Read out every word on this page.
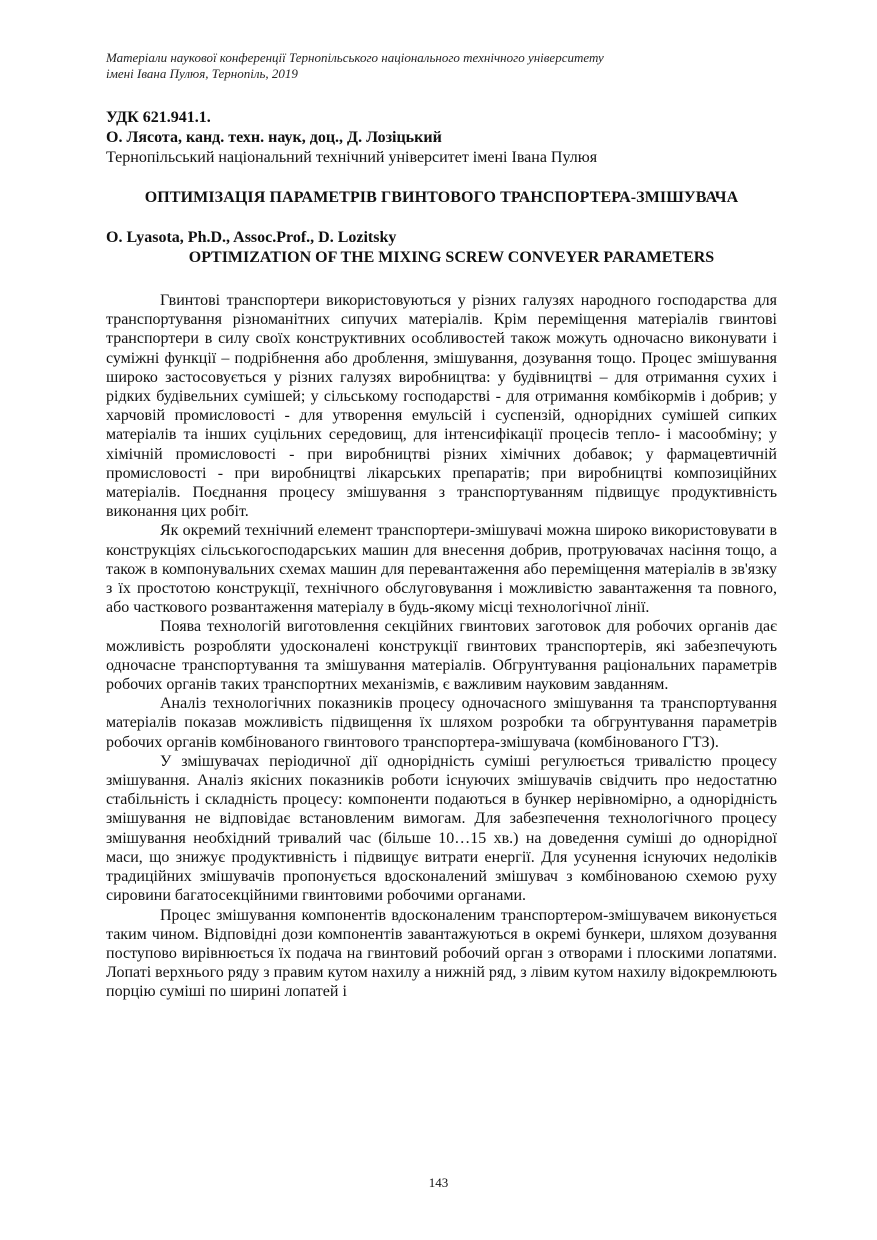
Матеріали наукової конференції Тернопільського національного технічного університету
імені Івана Пулюя, Тернопіль, 2019
УДК 621.941.1.
О. Лясота, канд. техн. наук, доц., Д. Лозіцький
Тернопільський національний технічний університет імені Івана Пулюя
ОПТИМІЗАЦІЯ ПАРАМЕТРІВ ГВИНТОВОГО ТРАНСПОРТЕРА-ЗМІШУВАЧА
O. Lyasota, Ph.D., Assoc.Prof., D. Lozitsky
OPTIMIZATION OF THE MIXING SCREW CONVEYER PARAMETERS

Гвинтові транспортери використовуються у різних галузях народного господарства для транспортування різноманітних сипучих матеріалів. Крім переміщення матеріалів гвинтові транспортери в силу своїх конструктивних особливостей також можуть одночасно виконувати і суміжні функції – подрібнення або дроблення, змішування, дозування тощо. Процес змішування широко застосовується у різних галузях виробництва: у будівництві – для отримання сухих і рідких будівельних сумішей; у сільському господарстві - для отримання комбікормів і добрив; у харчовій промисловості - для утворення емульсій і суспензій, однорідних сумішей сипких матеріалів та інших суцільних середовищ, для інтенсифікації процесів тепло- і масообміну; у хімічній промисловості - при виробництві різних хімічних добавок; у фармацевтичній промисловості - при виробництві лікарських препаратів; при виробництві композиційних матеріалів. Поєднання процесу змішування з транспортуванням підвищує продуктивність виконання цих робіт.

Як окремий технічний елемент транспортери-змішувачі можна широко використовувати в конструкціях сільськогосподарських машин для внесення добрив, протруювачах насіння тощо, а також в компонувальних схемах машин для перевантаження або переміщення матеріалів в зв'язку з їх простотою конструкції, технічного обслуговування і можливістю завантаження та повного, або часткового розвантаження матеріалу в будь-якому місці технологічної лінії.

Поява технологій виготовлення секційних гвинтових заготовок для робочих органів дає можливість розробляти удосконалені конструкції гвинтових транспортерів, які забезпечують одночасне транспортування та змішування матеріалів. Обгрунтування раціональних параметрів робочих органів таких транспортних механізмів, є важливим науковим завданням.

Аналіз технологічних показників процесу одночасного змішування та транспортування матеріалів показав можливість підвищення їх шляхом розробки та обгрунтування параметрів робочих органів комбінованого гвинтового транспортера-змішувача (комбінованого ГТЗ).

У змішувачах періодичної дії однорідність суміші регулюється тривалістю процесу змішування. Аналіз якісних показників роботи існуючих змішувачів свідчить про недостатню стабільність і складність процесу: компоненти подаються в бункер нерівномірно, а однорідність змішування не відповідає встановленим вимогам. Для забезпечення технологічного процесу змішування необхідний тривалий час (більше 10…15 хв.) на доведення суміші до однорідної маси, що знижує продуктивність і підвищує витрати енергії. Для усунення існуючих недоліків традиційних змішувачів пропонується вдосконалений змішувач з комбінованою схемою руху сировини багатосекційними гвинтовими робочими органами.

Процес змішування компонентів вдосконаленим транспортером-змішувачем виконується таким чином. Відповідні дози компонентів завантажуються в окремі бункери, шляхом дозування поступово вирівнюється їх подача на гвинтовий робочий орган з отворами і плоскими лопатями. Лопаті верхнього ряду з правим кутом нахилу а нижній ряд, з лівим кутом нахилу відокремлюють порцію суміші по ширині лопатей і

143
